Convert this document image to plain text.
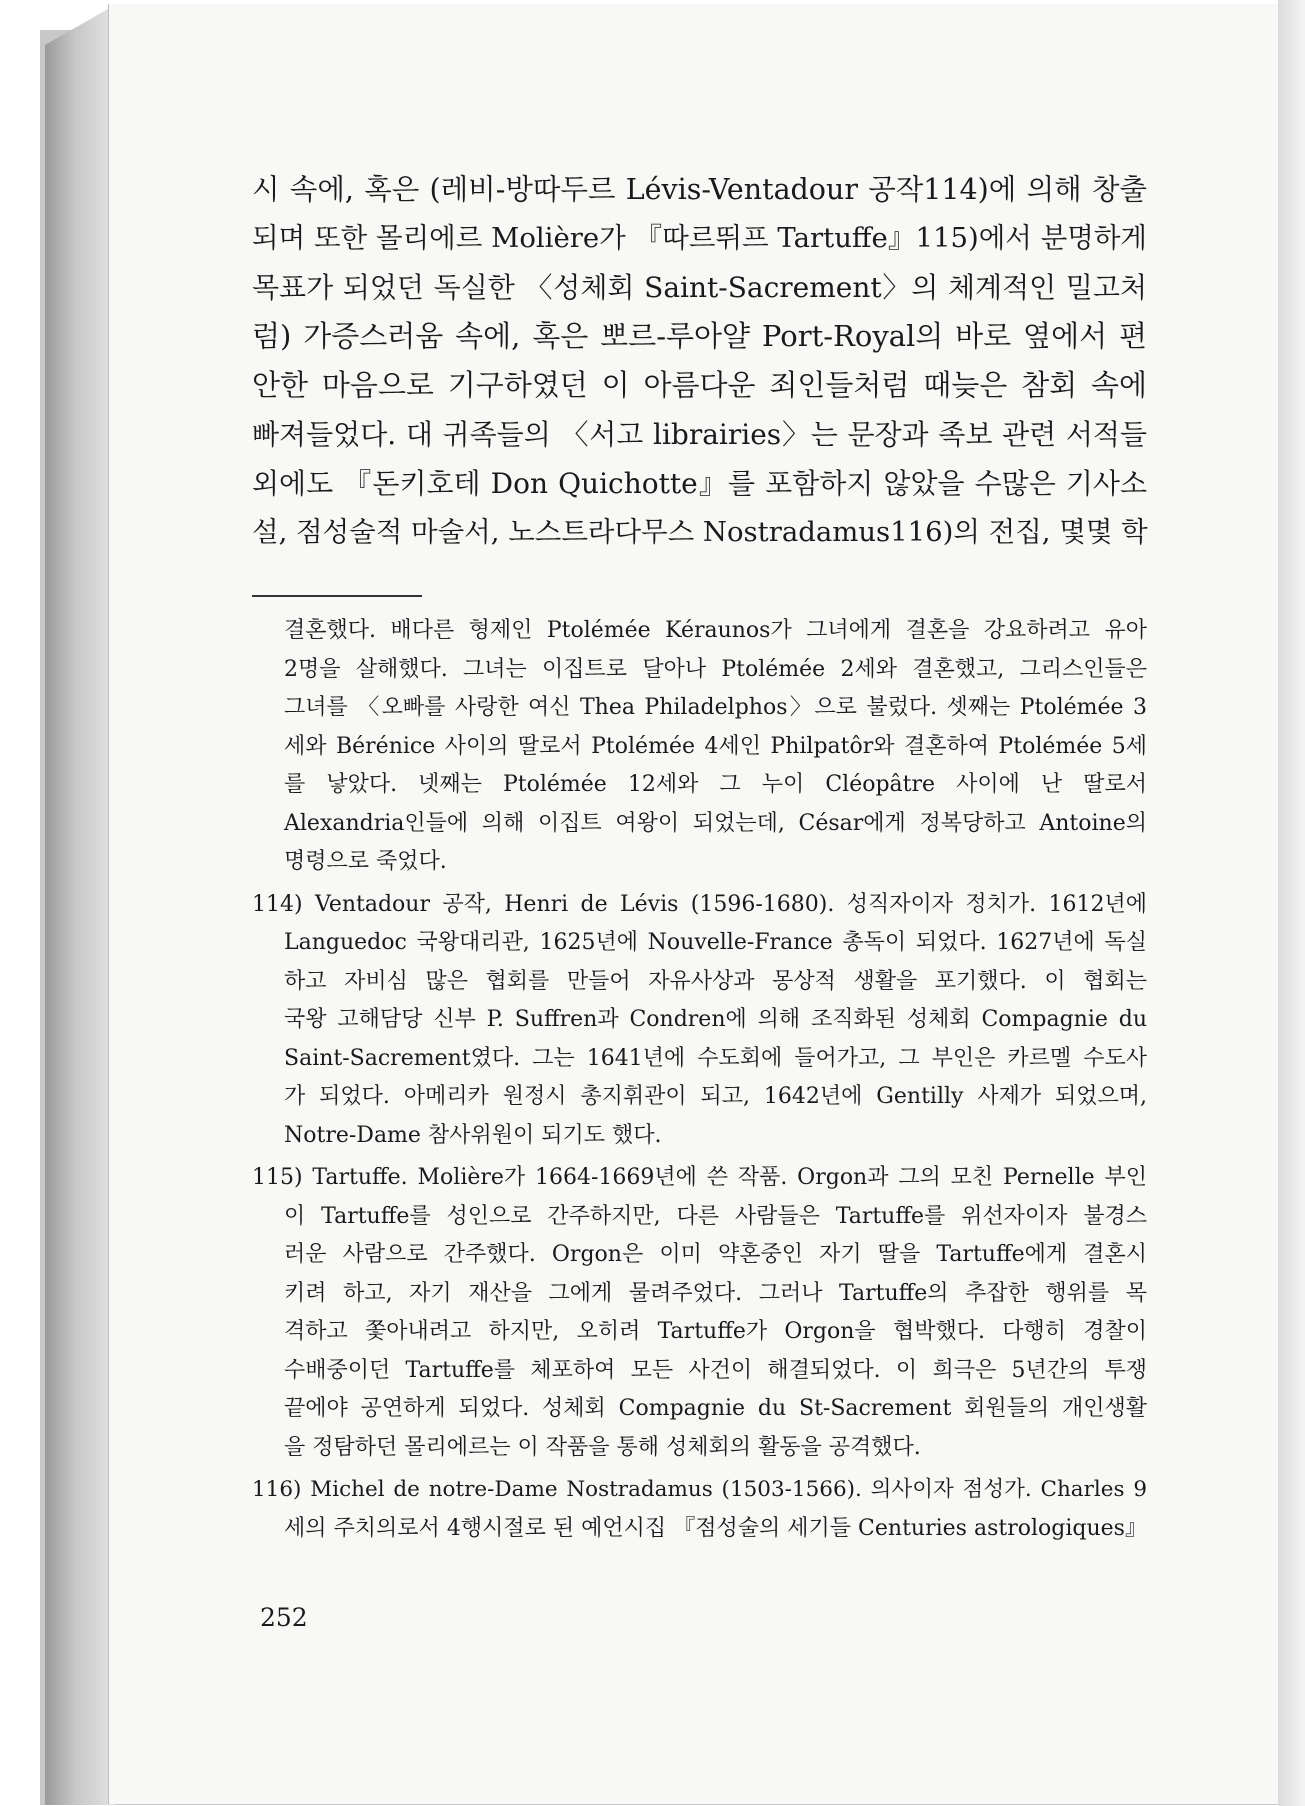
시 속에, 혹은 (레비-방따두르 Lévis-Ventadour 공작114)에 의해 창출
되며 또한 몰리에르 Molière가 『따르뛰프 Tartuffe』115)에서 분명하게
목표가 되었던 독실한 〈성체회 Saint-Sacrement〉의 체계적인 밀고처
럼) 가증스러움 속에, 혹은 뽀르-루아얄 Port-Royal의 바로 옆에서 편
안한 마음으로 기구하였던 이 아름다운 죄인들처럼 때늦은 참회 속에
빠져들었다. 대 귀족들의 〈서고 librairies〉는 문장과 족보 관련 서적들
외에도 『돈키호테 Don Quichotte』를 포함하지 않았을 수많은 기사소
설, 점성술적 마술서, 노스트라다무스 Nostradamus116)의 전집, 몇몇 학
결혼했다. 배다른 형제인 Ptolémée Kéraunos가 그녀에게 결혼을 강요하려고 유아
2명을 살해했다. 그녀는 이집트로 달아나 Ptolémée 2세와 결혼했고, 그리스인들은
그녀를 〈오빠를 사랑한 여신 Thea Philadelphos〉으로 불렀다. 셋째는 Ptolémée 3
세와 Bérénice 사이의 딸로서 Ptolémée 4세인 Philpatôr와 결혼하여 Ptolémée 5세
를 낳았다. 넷째는 Ptolémée 12세와 그 누이 Cléopâtre 사이에 난 딸로서
Alexandria인들에 의해 이집트 여왕이 되었는데, César에게 정복당하고 Antoine의
명령으로 죽었다.
114) Ventadour 공작, Henri de Lévis (1596-1680). 성직자이자 정치가. 1612년에
Languedoc 국왕대리관, 1625년에 Nouvelle-France 총독이 되었다. 1627년에 독실
하고 자비심 많은 협회를 만들어 자유사상과 몽상적 생활을 포기했다. 이 협회는
국왕 고해담당 신부 P. Suffren과 Condren에 의해 조직화된 성체회 Compagnie du
Saint-Sacrement였다. 그는 1641년에 수도회에 들어가고, 그 부인은 카르멜 수도사
가 되었다. 아메리카 원정시 총지휘관이 되고, 1642년에 Gentilly 사제가 되었으며,
Notre-Dame 참사위원이 되기도 했다.
115) Tartuffe. Molière가 1664-1669년에 쓴 작품. Orgon과 그의 모친 Pernelle 부인
이 Tartuffe를 성인으로 간주하지만, 다른 사람들은 Tartuffe를 위선자이자 불경스
러운 사람으로 간주했다. Orgon은 이미 약혼중인 자기 딸을 Tartuffe에게 결혼시
키려 하고, 자기 재산을 그에게 물려주었다. 그러나 Tartuffe의 추잡한 행위를 목
격하고 쫓아내려고 하지만, 오히려 Tartuffe가 Orgon을 협박했다. 다행히 경찰이
수배중이던 Tartuffe를 체포하여 모든 사건이 해결되었다. 이 희극은 5년간의 투쟁
끝에야 공연하게 되었다. 성체회 Compagnie du St-Sacrement 회원들의 개인생활
을 정탐하던 몰리에르는 이 작품을 통해 성체회의 활동을 공격했다.
116) Michel de notre-Dame Nostradamus (1503-1566). 의사이자 점성가. Charles 9
세의 주치의로서 4행시절로 된 예언시집 『점성술의 세기들 Centuries astrologiques』
252
